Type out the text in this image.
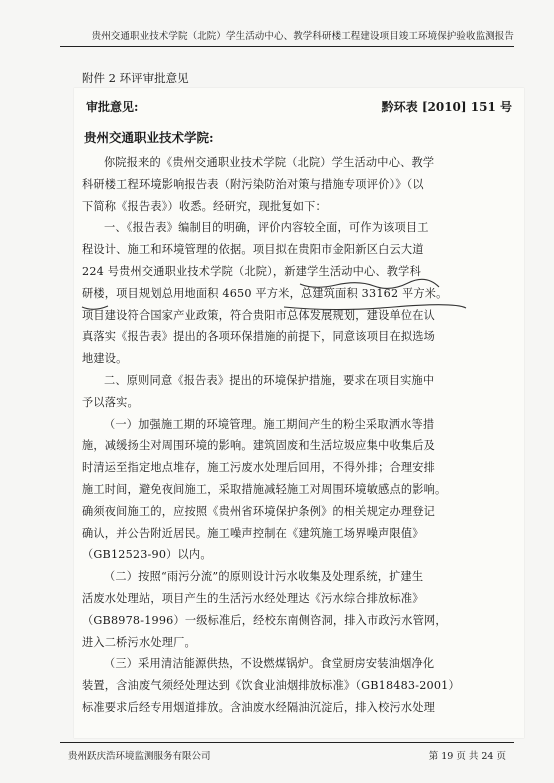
贵州交通职业技术学院（北院）学生活动中心、教学科研楼工程建设项目竣工环境保护验收监测报告
附件 2 环评审批意见
审批意见:	黔环表 [2010] 151 号
贵州交通职业技术学院:
你院报来的《贵州交通职业技术学院（北院）学生活动中心、教学
科研楼工程环境影响报告表（附污染防治对策与措施专项评价）》（以
下简称《报告表》）收悉。经研究，现批复如下：
一、《报告表》编制目的明确，评价内容较全面，可作为该项目工
程设计、施工和环境管理的依据。项目拟在贵阳市金阳新区白云大道
224 号贵州交通职业技术学院（北院），新建学生活动中心、教学科
研楼，项目规划总用地面积 4650 平方米，总建筑面积 33162 平方米。
项目建设符合国家产业政策，符合贵阳市总体发展规划，建设单位在认
真落实《报告表》提出的各项环保措施的前提下，同意该项目在拟选场
地建设。
二、原则同意《报告表》提出的环境保护措施，要求在项目实施中
予以落实。
（一）加强施工期的环境管理。施工期间产生的粉尘采取洒水等措
施，减缓扬尘对周围环境的影响。建筑固废和生活垃圾应集中收集后及
时清运至指定地点堆存，施工污废水处理后回用，不得外排；合理安排
施工时间，避免夜间施工，采取措施减轻施工对周围环境敏感点的影响。
确须夜间施工的，应按照《贵州省环境保护条例》的相关规定办理登记
确认，并公告附近居民。施工噪声控制在《建筑施工场界噪声限值》
（GB12523-90）以内。
（二）按照“雨污分流”的原则设计污水收集及处理系统，扩建生
活废水处理站，项目产生的生活污水经处理达《污水综合排放标准》
（GB8978-1996）一级标准后，经校东南侧咨洞，排入市政污水管网，
进入二桥污水处理厂。
（三）采用清洁能源供热，不设燃煤锅炉。食堂厨房安装油烟净化
装置，含油废气须经处理达到《饮食业油烟排放标准》（GB18483-2001）
标准要求后经专用烟道排放。含油废水经隔油沉淀后，排入校污水处理
贵州跃庆浩环境监测服务有限公司	第 19 页 共 24 页
